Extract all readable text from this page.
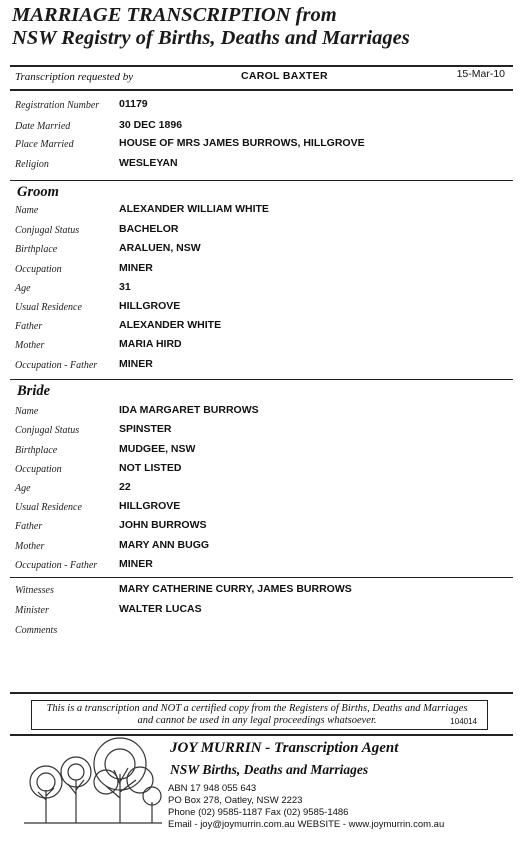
MARRIAGE TRANSCRIPTION from
NSW Registry of Births, Deaths and Marriages
Transcription requested by	CAROL BAXTER	15-Mar-10
Registration Number 01179
Date Married	30 DEC 1896
Place Married	HOUSE OF MRS JAMES BURROWS, HILLGROVE
Religion	WESLEYAN
Groom
Name	ALEXANDER WILLIAM WHITE
Conjugal Status	BACHELOR
Birthplace	ARALUEN, NSW
Occupation	MINER
Age	31
Usual Residence	HILLGROVE
Father	ALEXANDER WHITE
Mother	MARIA HIRD
Occupation - Father MINER
Bride
Name	IDA MARGARET BURROWS
Conjugal Status	SPINSTER
Birthplace	MUDGEE, NSW
Occupation	NOT LISTED
Age	22
Usual Residence	HILLGROVE
Father	JOHN BURROWS
Mother	MARY ANN BUGG
Occupation - Father MINER
Witnesses	MARY CATHERINE CURRY, JAMES BURROWS
Minister	WALTER LUCAS
Comments
This is a transcription and NOT a certified copy from the Registers of Births, Deaths and Marriages and cannot be used in any legal proceedings whatsoever.	104014
JOY MURRIN - Transcription Agent
NSW Births, Deaths and Marriages
ABN 17 948 055 643
PO Box 278, Oatley, NSW 2223
Phone (02) 9585-1187 Fax (02) 9585-1486
Email - joy@joymurrin.com.au WEBSITE - www.joymurrin.com.au
